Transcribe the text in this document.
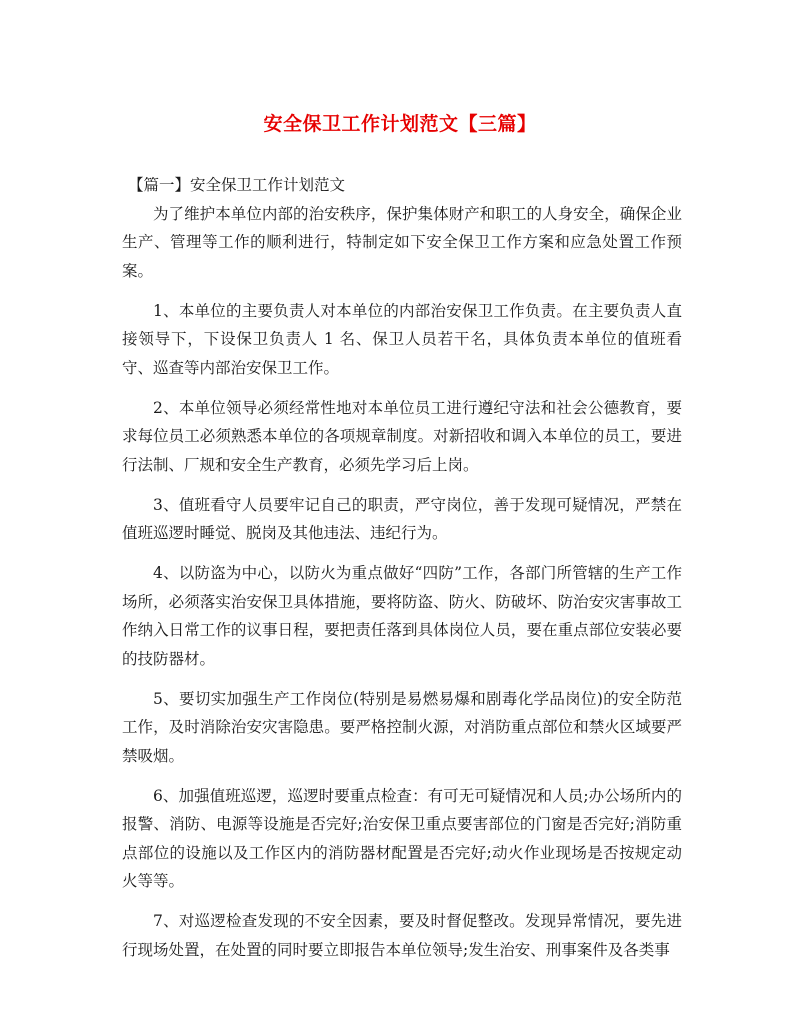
安全保卫工作计划范文【三篇】

【篇一】安全保卫工作计划范文

为了维护本单位内部的治安秩序，保护集体财产和职工的人身安全，确保企业生产、管理等工作的顺利进行，特制定如下安全保卫工作方案和应急处置工作预案。

1、本单位的主要负责人对本单位的内部治安保卫工作负责。在主要负责人直接领导下，下设保卫负责人 1 名、保卫人员若干名，具体负责本单位的值班看守、巡查等内部治安保卫工作。

2、本单位领导必须经常性地对本单位员工进行遵纪守法和社会公德教育，要求每位员工必须熟悉本单位的各项规章制度。对新招收和调入本单位的员工，要进行法制、厂规和安全生产教育，必须先学习后上岗。

3、值班看守人员要牢记自己的职责，严守岗位，善于发现可疑情况，严禁在值班巡逻时睡觉、脱岗及其他违法、违纪行为。

4、以防盗为中心，以防火为重点做好“四防”工作，各部门所管辖的生产工作场所，必须落实治安保卫具体措施，要将防盗、防火、防破坏、防治安灾害事故工作纳入日常工作的议事日程，要把责任落到具体岗位人员，要在重点部位安装必要的技防器材。

5、要切实加强生产工作岗位(特别是易燃易爆和剧毒化学品岗位)的安全防范工作，及时消除治安灾害隐患。要严格控制火源，对消防重点部位和禁火区域要严禁吸烟。

6、加强值班巡逻，巡逻时要重点检查：有可无可疑情况和人员;办公场所内的报警、消防、电源等设施是否完好;治安保卫重点要害部位的门窗是否完好;消防重点部位的设施以及工作区内的消防器材配置是否完好;动火作业现场是否按规定动火等等。

7、对巡逻检查发现的不安全因素，要及时督促整改。发现异常情况，要先进行现场处置，在处置的同时要立即报告本单位领导;发生治安、刑事案件及各类事
